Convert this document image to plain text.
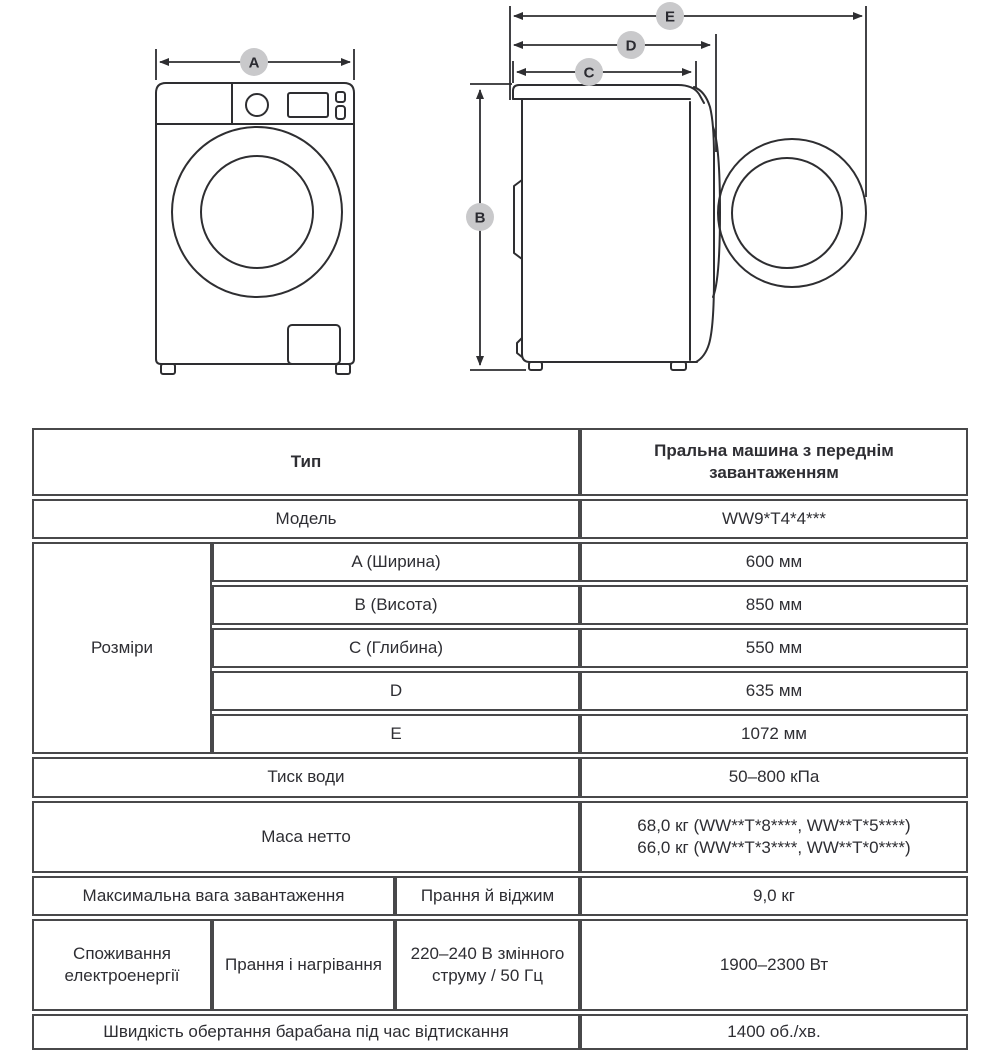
A
E
D
C
B
Тип			Пральна машина з переднім завантаженням
Модель			WW9*T4*4***
Розміри	A (Ширина)		600 мм
	B (Висота)		850 мм
	C (Глибина)		550 мм
	D		635 мм
	E		1072 мм
Тиск води			50–800 кПа
Маса нетто			68,0 кг (WW**T*8****, WW**T*5****)
66,0 кг (WW**T*3****, WW**T*0****)

Максимальна вага завантаження		Прання й віджим	9,0 кг
Споживання електроенергії	Прання і нагрівання	220–240 В змінного струму / 50 Гц	1900–2300 Вт
Швидкість обертання барабана під час відтискання			1400 об./хв.
